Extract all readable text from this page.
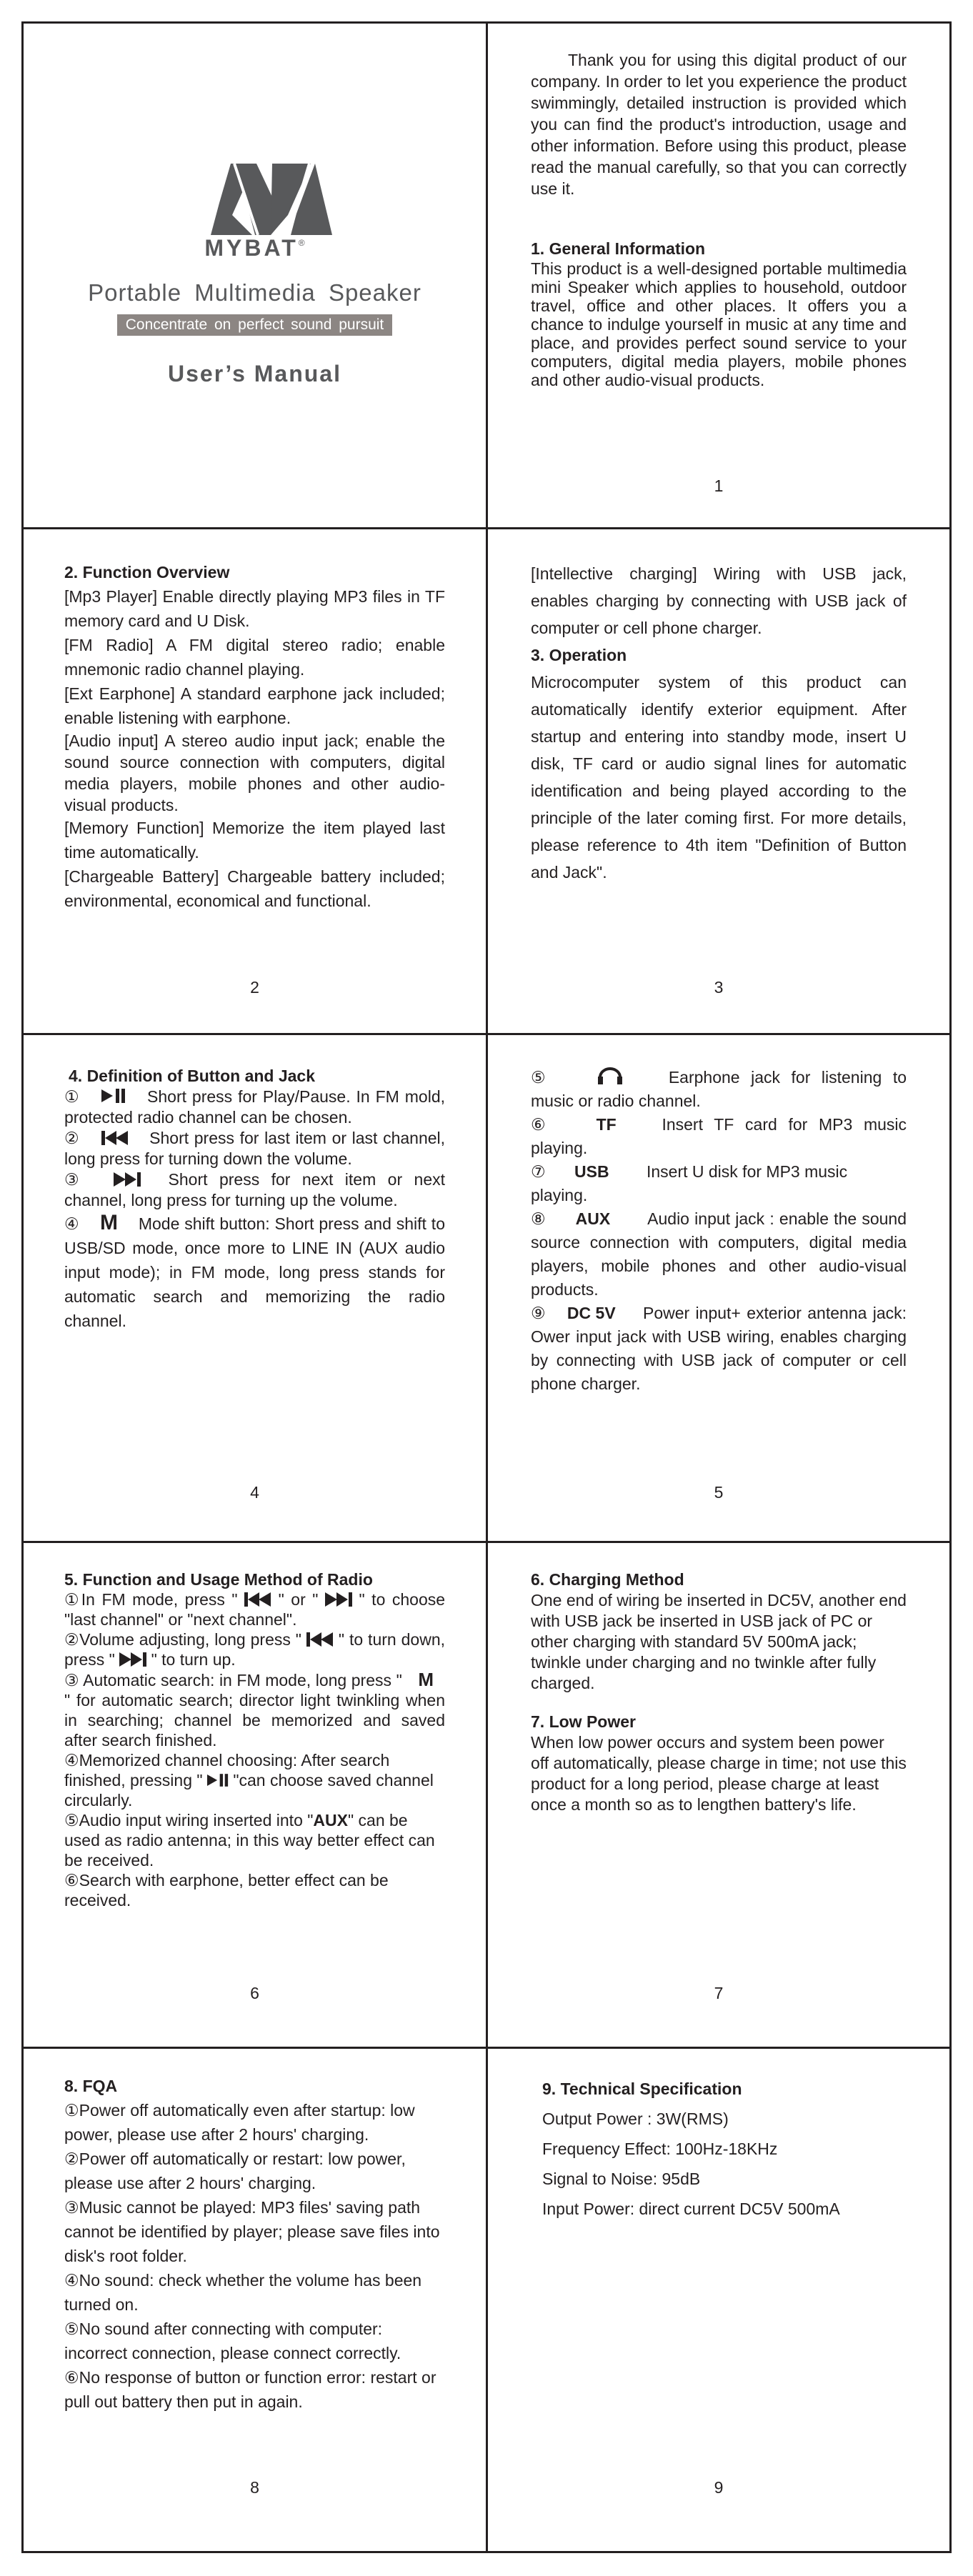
MYBAT®
Portable Multimedia Speaker
Concentrate on perfect sound pursuit
User’s Manual

Thank you for using this digital product of our company. In order to let you experience the product swimmingly, detailed instruction is provided which you can find the product's introduction, usage and other information. Before using this product, please read the manual carefully, so that you can correctly use it.

1. General Information

This product is a well-designed portable multimedia mini Speaker which applies to household, outdoor travel, office and other places. It offers you a chance to indulge yourself in music at any time and place, and provides perfect sound service to your computers, digital media players, mobile phones and other audio-visual products.

1

2. Function Overview

[Mp3 Player] Enable directly playing MP3 files in TF memory card and U Disk.

[FM Radio] A FM digital stereo radio; enable mnemonic radio channel playing.

[Ext Earphone] A standard earphone jack included; enable listening with earphone.

[Audio input] A stereo audio input jack; enable the sound source connection with computers, digital media players, mobile phones and other audio-visual products.

[Memory Function] Memorize the item played last time automatically.

[Chargeable Battery] Chargeable battery included; environmental, economical and functional.

2

[Intellective charging] Wiring with USB jack, enables charging by connecting with USB jack of computer or cell phone charger.

3. Operation

Microcomputer system of this product can automatically identify exterior equipment. After startup and entering into standby mode, insert U disk, TF card or audio signal lines for automatic identification and being played according to the principle of the later coming first. For more details, please reference to 4th item "Definition of Button and Jack".

3

4. Definition of Button and Jack

①	Short press for Play/Pause. In FM mold, protected radio channel can be chosen.

②	Short press for last item or last channel, long press for turning down the volume.

③	Short press for next item or next channel, long press for turning up the volume.

④ M Mode shift button: Short press and shift to USB/SD mode, once more to LINE IN (AUX audio input mode); in FM mode, long press stands for automatic search and memorizing the radio channel.

4

⑤	Earphone jack for listening to music or radio channel.

⑥	TF	Insert TF card for MP3 music playing.

⑦ USB Insert U disk for MP3 music playing.

⑧ AUX Audio input jack : enable the sound source connection with computers, digital media players, mobile phones and other audio-visual products.

⑨ DC 5V Power input+ exterior antenna jack: Ower input jack with USB wiring, enables charging by connecting with USB jack of computer or cell phone charger.

5

5. Function and Usage Method of Radio

①In FM mode, press " " or " " to choose "last channel" or "next channel".

②Volume adjusting, long press " " to turn down, press " " to turn up.

③ Automatic search: in FM mode, long press " M " for automatic search; director light twinkling when in searching; channel be memorized and saved after search finished.

④Memorized channel choosing: After search finished, pressing " "can choose saved channel circularly.

⑤Audio input wiring inserted into "AUX" can be used as radio antenna; in this way better effect can be received.

⑥Search with earphone, better effect can be received.

6

6. Charging Method

One end of wiring be inserted in DC5V, another end with USB jack be inserted in USB jack of PC or other charging with standard 5V 500mA jack; twinkle under charging and no twinkle after fully charged.

7. Low Power

When low power occurs and system been power off automatically, please charge in time; not use this product for a long period, please charge at least once a month so as to lengthen battery's life.

7

8. FQA

①Power off automatically even after startup: low power, please use after 2 hours' charging.

②Power off automatically or restart: low power, please use after 2 hours' charging.

③Music cannot be played: MP3 files' saving path cannot be identified by player; please save files into disk's root folder.

④No sound: check whether the volume has been turned on.

⑤No sound after connecting with computer: incorrect connection, please connect correctly.

⑥No response of button or function error: restart or pull out battery then put in again.

8

9. Technical Specification

Output Power : 3W(RMS)

Frequency Effect: 100Hz-18KHz

Signal to Noise: 95dB

Input Power: direct current DC5V 500mA

9
